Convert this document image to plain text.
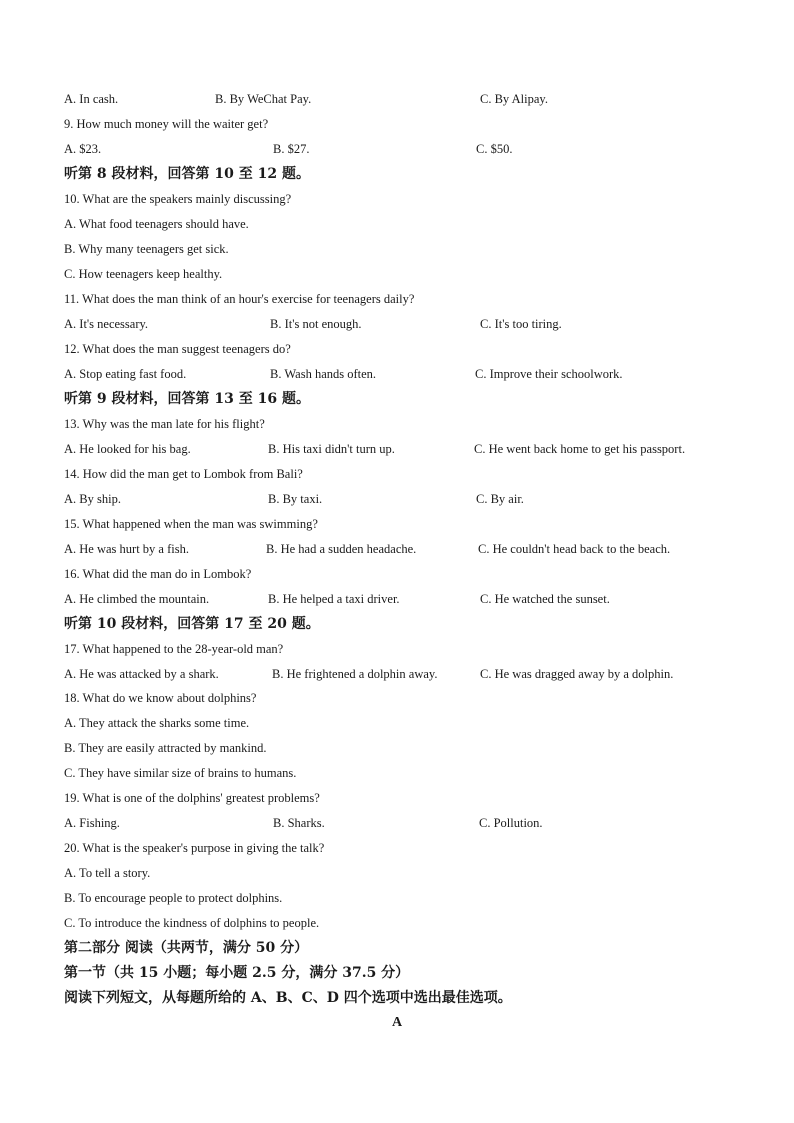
A. In cash.	B. By WeChat Pay.	C. By Alipay.
9. How much money will the waiter get?
A. $23.	B. $27.	C. $50.
听第 8 段材料，回答第 10 至 12 题。
10. What are the speakers mainly discussing?
A. What food teenagers should have.
B. Why many teenagers get sick.
C. How teenagers keep healthy.
11. What does the man think of an hour's exercise for teenagers daily?
A. It's necessary.	B. It's not enough.	C. It's too tiring.
12. What does the man suggest teenagers do?
A. Stop eating fast food.	B. Wash hands often.	C. Improve their schoolwork.
听第 9 段材料，回答第 13 至 16 题。
13. Why was the man late for his flight?
A. He looked for his bag.	B. His taxi didn't turn up.	C. He went back home to get his passport.
14. How did the man get to Lombok from Bali?
A. By ship.	B. By taxi.	C. By air.
15. What happened when the man was swimming?
A. He was hurt by a fish.	B. He had a sudden headache.	C. He couldn't head back to the beach.
16. What did the man do in Lombok?
A. He climbed the mountain.	B. He helped a taxi driver.	C. He watched the sunset.
听第 10 段材料，回答第 17 至 20 题。
17. What happened to the 28-year-old man?
A. He was attacked by a shark.	B. He frightened a dolphin away.	C. He was dragged away by a dolphin.
18. What do we know about dolphins?
A. They attack the sharks some time.
B. They are easily attracted by mankind.
C. They have similar size of brains to humans.
19. What is one of the dolphins' greatest problems?
A. Fishing.	B. Sharks.	C. Pollution.
20. What is the speaker's purpose in giving the talk?
A. To tell a story.
B. To encourage people to protect dolphins.
C. To introduce the kindness of dolphins to people.
第二部分 阅读（共两节，满分 50 分）
第一节（共 15 小题；每小题 2.5 分，满分 37.5 分）
阅读下列短文，从每题所给的 A、B、C、D 四个选项中选出最佳选项。
A
